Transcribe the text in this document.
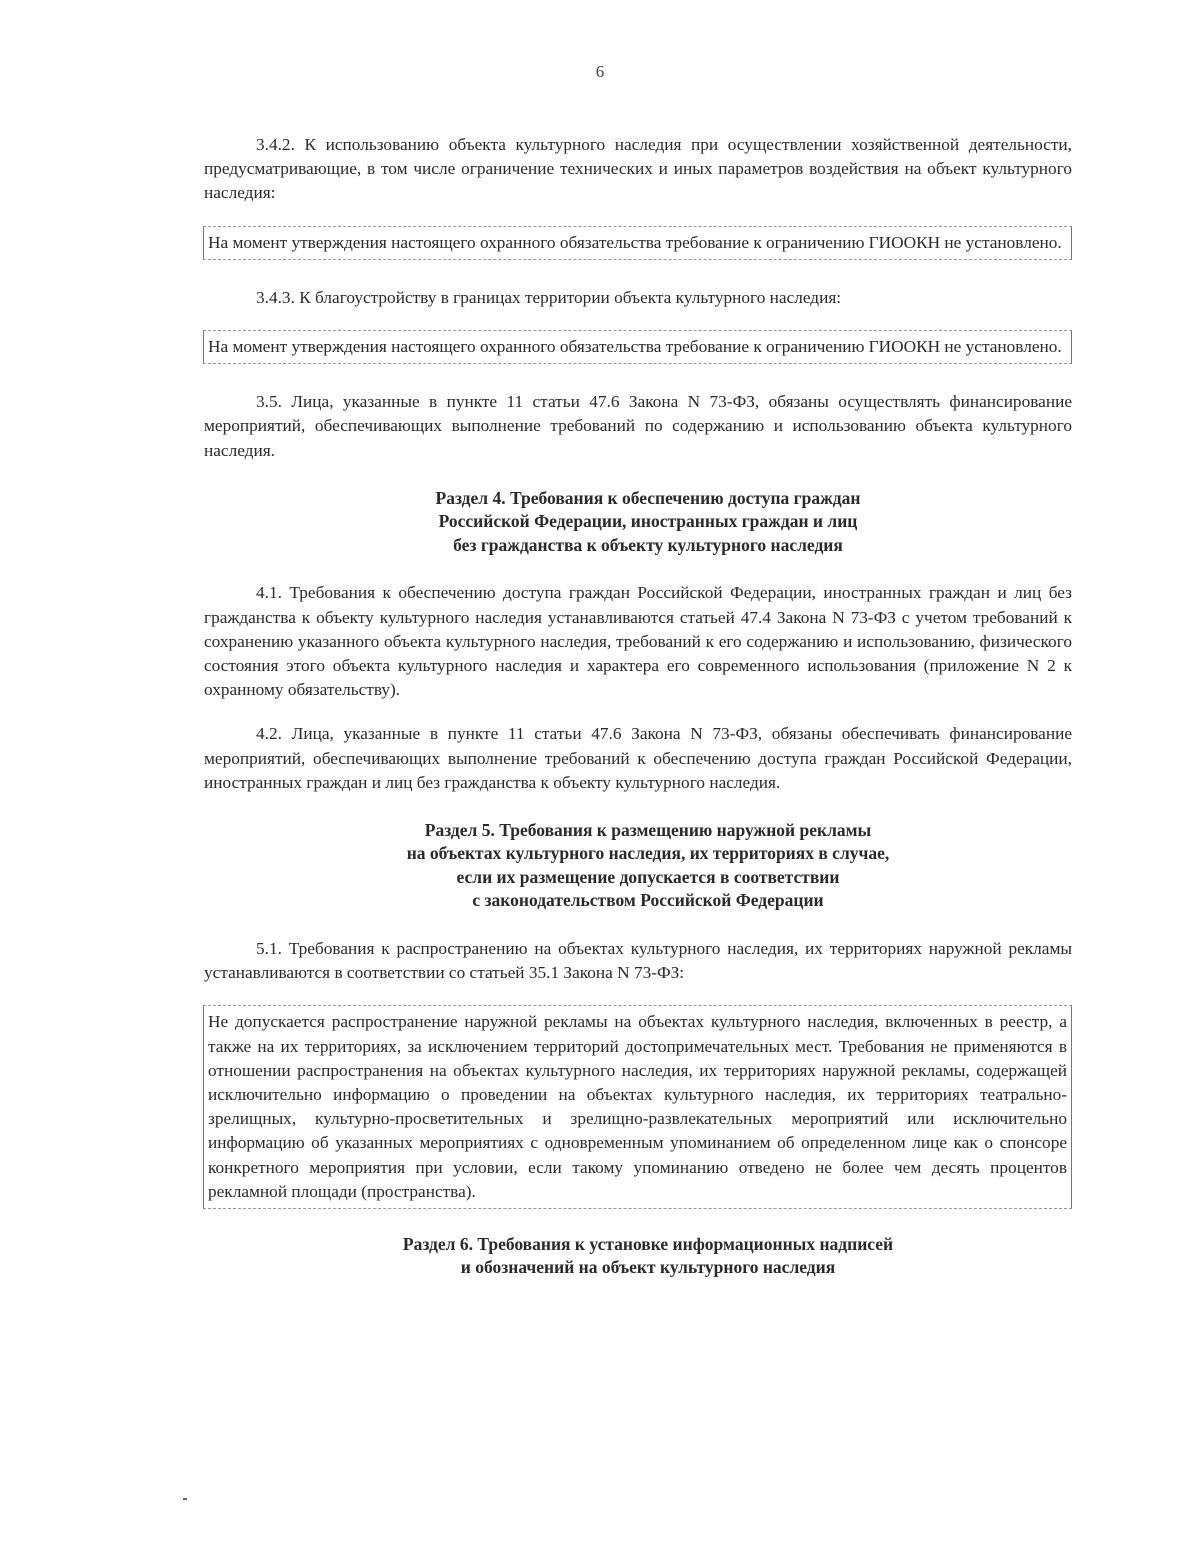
6

3.4.2. К использованию объекта культурного наследия при осуществлении хозяйственной деятельности, предусматривающие, в том числе ограничение технических и иных параметров воздействия на объект культурного наследия:

На момент утверждения настоящего охранного обязательства требование к ограничению ГИООКН не установлено.

3.4.3. К благоустройству в границах территории объекта культурного наследия:

На момент утверждения настоящего охранного обязательства требование к ограничению ГИООКН не установлено.

3.5. Лица, указанные в пункте 11 статьи 47.6 Закона N 73-ФЗ, обязаны осуществлять финансирование мероприятий, обеспечивающих выполнение требований по содержанию и использованию объекта культурного наследия.

Раздел 4. Требования к обеспечению доступа граждан
Российской Федерации, иностранных граждан и лиц
без гражданства к объекту культурного наследия

4.1. Требования к обеспечению доступа граждан Российской Федерации, иностранных граждан и лиц без гражданства к объекту культурного наследия устанавливаются статьей 47.4 Закона N 73-ФЗ с учетом требований к сохранению указанного объекта культурного наследия, требований к его содержанию и использованию, физического состояния этого объекта культурного наследия и характера его современного использования (приложение N 2 к охранному обязательству).

4.2. Лица, указанные в пункте 11 статьи 47.6 Закона N 73-ФЗ, обязаны обеспечивать финансирование мероприятий, обеспечивающих выполнение требований к обеспечению доступа граждан Российской Федерации, иностранных граждан и лиц без гражданства к объекту культурного наследия.

Раздел 5. Требования к размещению наружной рекламы
на объектах культурного наследия, их территориях в случае,
если их размещение допускается в соответствии
с законодательством Российской Федерации

5.1. Требования к распространению на объектах культурного наследия, их территориях наружной рекламы устанавливаются в соответствии со статьей 35.1 Закона N 73-ФЗ:

Не допускается распространение наружной рекламы на объектах культурного наследия, включенных в реестр, а также на их территориях, за исключением территорий достопримечательных мест. Требования не применяются в отношении распространения на объектах культурного наследия, их территориях наружной рекламы, содержащей исключительно информацию о проведении на объектах культурного наследия, их территориях театрально-зрелищных, культурно-просветительных и зрелищно-развлекательных мероприятий или исключительно информацию об указанных мероприятиях с одновременным упоминанием об определенном лице как о спонсоре конкретного мероприятия при условии, если такому упоминанию отведено не более чем десять процентов рекламной площади (пространства).

Раздел 6. Требования к установке информационных надписей
и обозначений на объект культурного наследия
